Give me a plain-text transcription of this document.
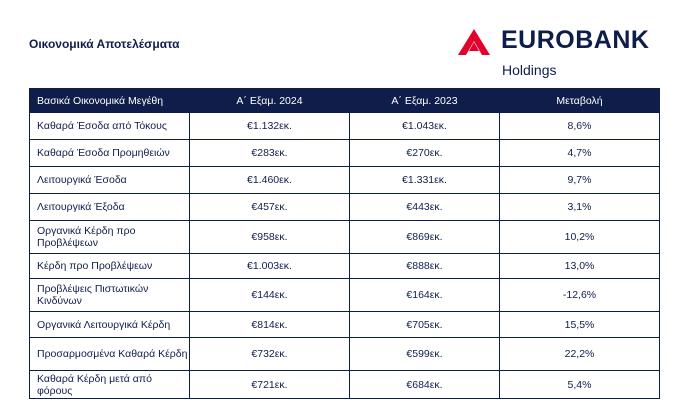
Οικονομικά Αποτελέσματα	EUROBANK
Holdings
Βασικά Οικονομικά Μεγέθη	Α΄ Εξαμ. 2024	Α΄ Εξαμ. 2023	Μεταβολή
Καθαρά Έσοδα από Τόκους	€1.132εκ.	€1.043εκ.	8,6%
Καθαρά Έσοδα Προμηθειών	€283εκ.	€270εκ.	4,7%
Λειτουργικά Έσοδα	€1.460εκ.	€1.331εκ.	9,7%
Λειτουργικά Έξοδα	€457εκ.	€443εκ.	3,1%
Οργανικά Κέρδη προ Προβλέψεων	€958εκ.	€869εκ.	10,2%
Κέρδη προ Προβλέψεων	€1.003εκ.	€888εκ.	13,0%
Προβλέψεις Πιστωτικών Κινδύνων	€144εκ.	€164εκ.	-12,6%
Οργανικά Λειτουργικά Κέρδη	€814εκ.	€705εκ.	15,5%
Προσαρμοσμένα Καθαρά Κέρδη	€732εκ.	€599εκ.	22,2%
Καθαρά Κέρδη μετά από φόρους	€721εκ.	€684εκ.	5,4%
